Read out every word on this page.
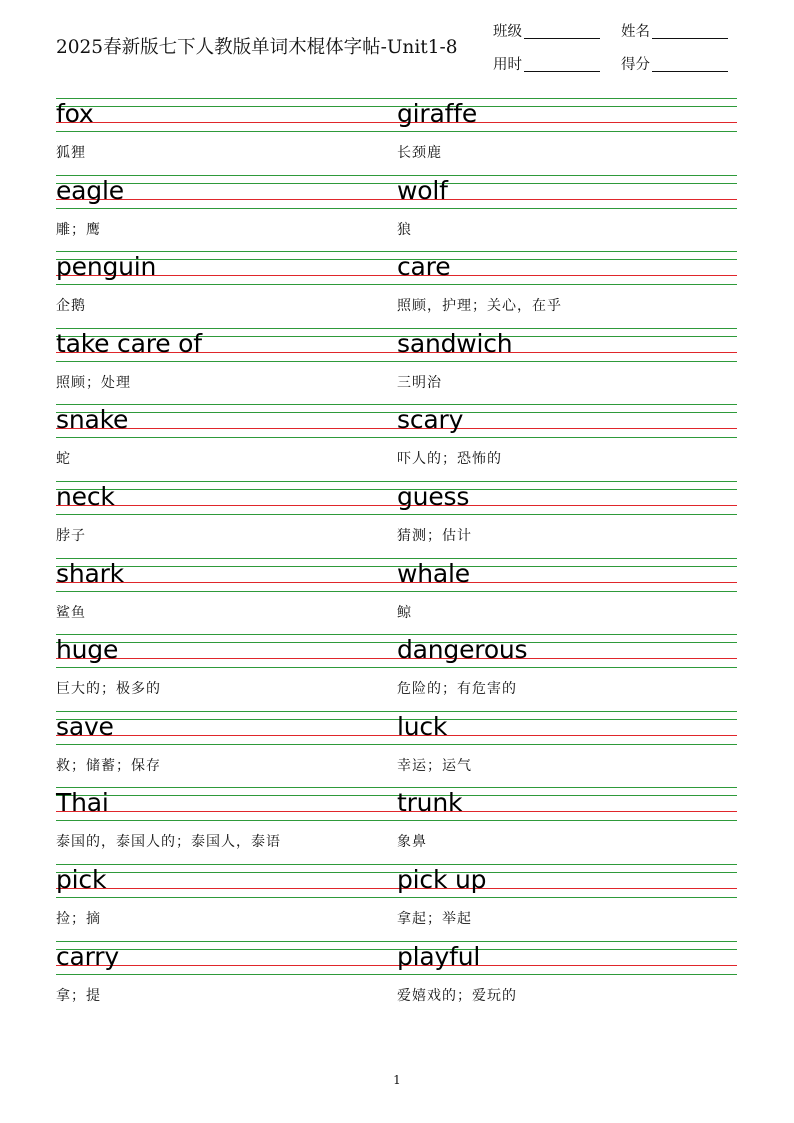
2025春新版七下人教版单词木棍体字帖-Unit1-8
班级	姓名
用时	得分
fox
狐狸
giraffe
长颈鹿
eagle
雕；鹰
wolf
狼
penguin
企鹅
care
照顾，护理；关心，在乎
take care of
照顾；处理
sandwich
三明治
snake
蛇
scary
吓人的；恐怖的
neck
脖子
guess
猜测；估计
shark
鲨鱼
whale
鲸
huge
巨大的；极多的
dangerous
危险的；有危害的
save
救；储蓄；保存
luck
幸运；运气
Thai
泰国的，泰国人的；泰国人，泰语
trunk
象鼻
pick
捡；摘
pick up
拿起；举起
carry
拿；提
playful
爱嬉戏的；爱玩的
1
